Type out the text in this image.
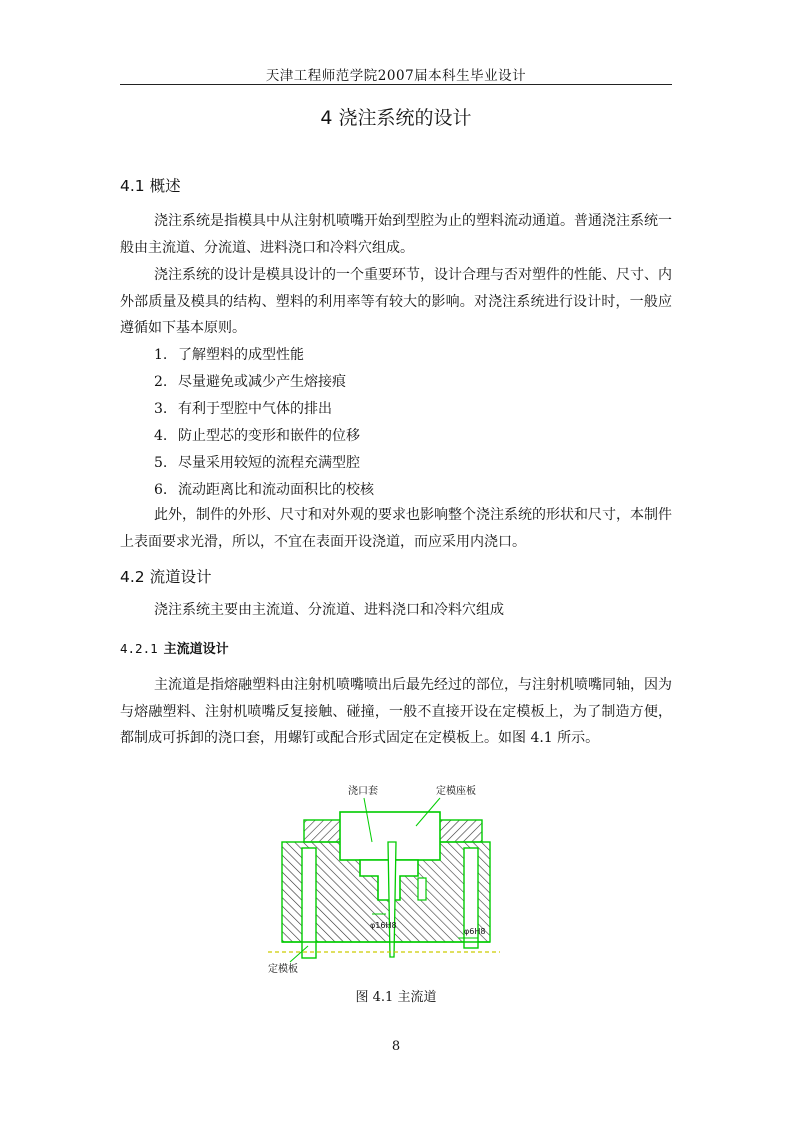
天津工程师范学院2007届本科生毕业设计
4 浇注系统的设计
4.1 概述
浇注系统是指模具中从注射机喷嘴开始到型腔为止的塑料流动通道。普通浇注系统一般由主流道、分流道、进料浇口和冷料穴组成。
浇注系统的设计是模具设计的一个重要环节，设计合理与否对塑件的性能、尺寸、内外部质量及模具的结构、塑料的利用率等有较大的影响。对浇注系统进行设计时，一般应遵循如下基本原则。
1. 了解塑料的成型性能
2. 尽量避免或减少产生熔接痕
3. 有利于型腔中气体的排出
4. 防止型芯的变形和嵌件的位移
5. 尽量采用较短的流程充满型腔
6. 流动距离比和流动面积比的校核
此外，制件的外形、尺寸和对外观的要求也影响整个浇注系统的形状和尺寸，本制件上表面要求光滑，所以，不宜在表面开设浇道，而应采用内浇口。
4.2 流道设计
浇注系统主要由主流道、分流道、进料浇口和冷料穴组成
4.2.1 主流道设计
主流道是指熔融塑料由注射机喷嘴喷出后最先经过的部位，与注射机喷嘴同轴，因为与熔融塑料、注射机喷嘴反复接触、碰撞，一般不直接开设在定模板上，为了制造方便，都制成可拆卸的浇口套，用螺钉或配合形式固定在定模板上。如图 4.1 所示。
浇口套	定模座板
定模板
φ16H8
φ6H8
图 4.1 主流道
8
